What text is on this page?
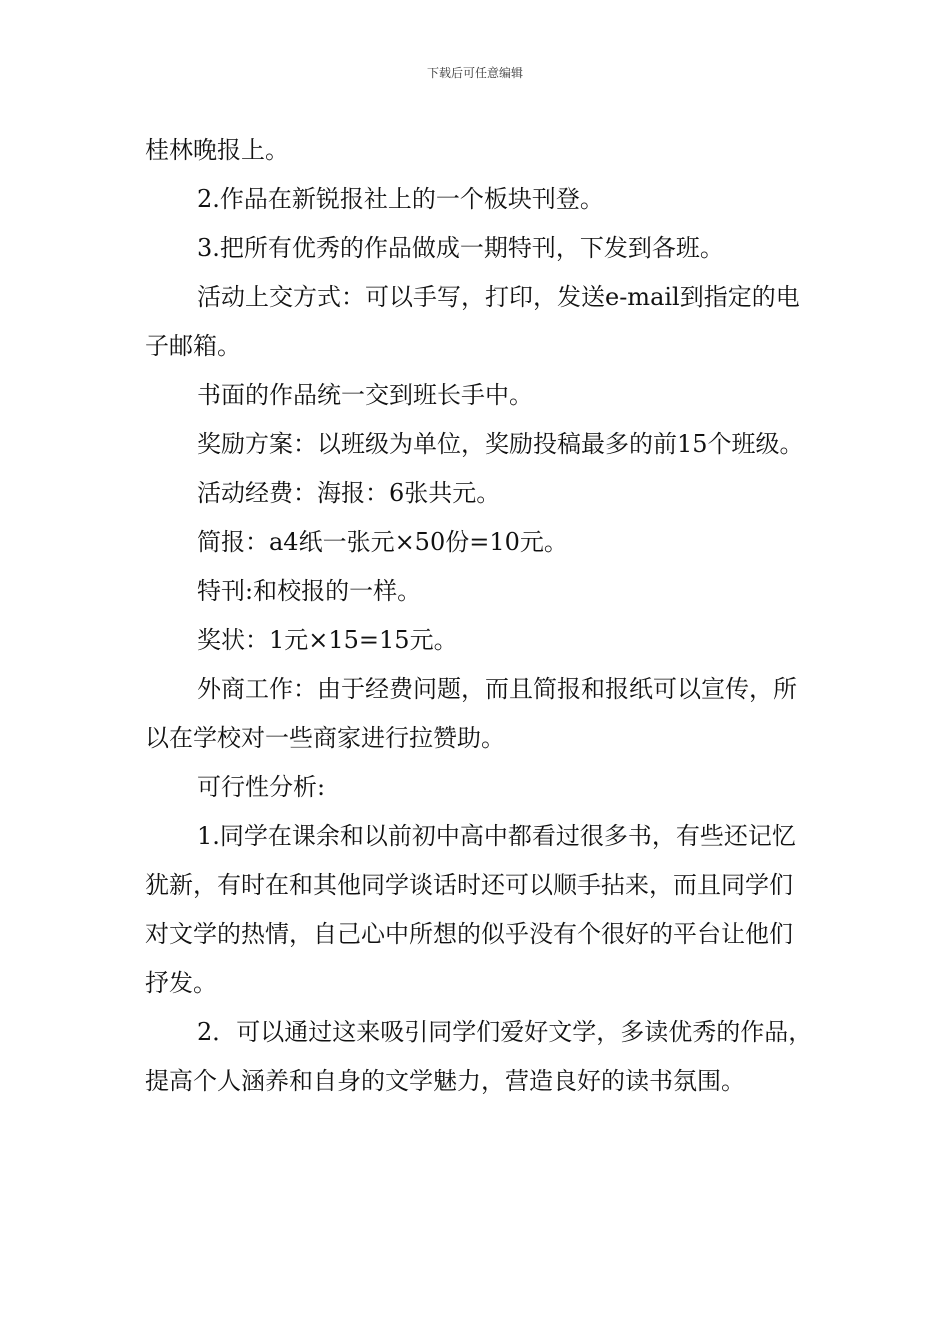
下载后可任意编辑

桂林晚报上。

2.作品在新锐报社上的一个板块刊登。

3.把所有优秀的作品做成一期特刊，下发到各班。

活动上交方式：可以手写，打印，发送e-mail到指定的电子邮箱。

书面的作品统一交到班长手中。

奖励方案：以班级为单位，奖励投稿最多的前15个班级。

活动经费：海报：6张共元。

简报：a4纸一张元×50份=10元。

特刊:和校报的一样。

奖状：1元×15=15元。

外商工作：由于经费问题，而且简报和报纸可以宣传，所以在学校对一些商家进行拉赞助。

可行性分析:

1.同学在课余和以前初中高中都看过很多书，有些还记忆犹新，有时在和其他同学谈话时还可以顺手拈来，而且同学们对文学的热情，自己心中所想的似乎没有个很好的平台让他们抒发。

2．可以通过这来吸引同学们爱好文学，多读优秀的作品，提高个人涵养和自身的文学魅力，营造良好的读书氛围。
